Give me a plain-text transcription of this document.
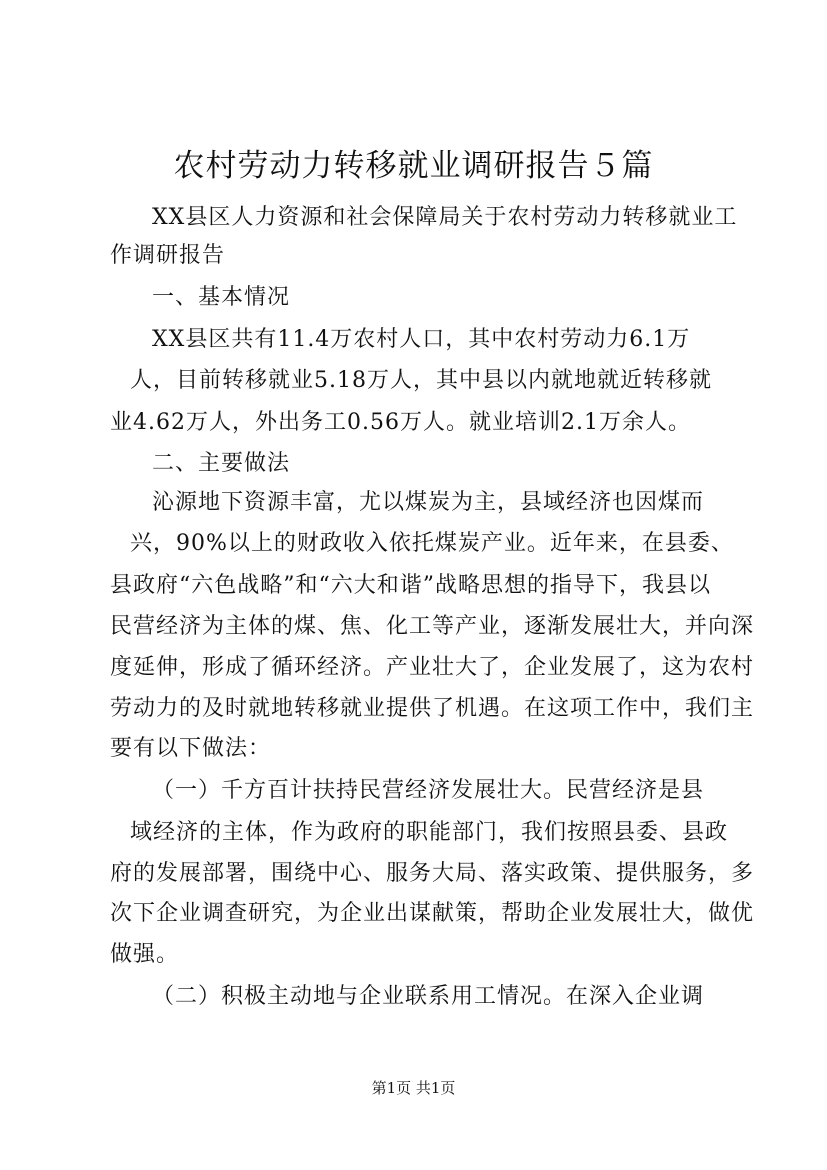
农村劳动力转移就业调研报告５篇
XX县区人力资源和社会保障局关于农村劳动力转移就业工
作调研报告
一、基本情况
XX县区共有11.4万农村人口，其中农村劳动力6.1万
人，目前转移就业5.18万人，其中县以内就地就近转移就
业4.62万人，外出务工0.56万人。就业培训2.1万余人。
二、主要做法
沁源地下资源丰富，尤以煤炭为主，县域经济也因煤而
兴，90%以上的财政收入依托煤炭产业。近年来，在县委、
县政府“六色战略”和“六大和谐”战略思想的指导下，我县以
民营经济为主体的煤、焦、化工等产业，逐渐发展壮大，并向深
度延伸，形成了循环经济。产业壮大了，企业发展了，这为农村
劳动力的及时就地转移就业提供了机遇。在这项工作中，我们主
要有以下做法：
（一）千方百计扶持民营经济发展壮大。民营经济是县
域经济的主体，作为政府的职能部门，我们按照县委、县政
府的发展部署，围绕中心、服务大局、落实政策、提供服务，多
次下企业调查研究，为企业出谋献策，帮助企业发展壮大，做优
做强。
（二）积极主动地与企业联系用工情况。在深入企业调
第1页 共1页
